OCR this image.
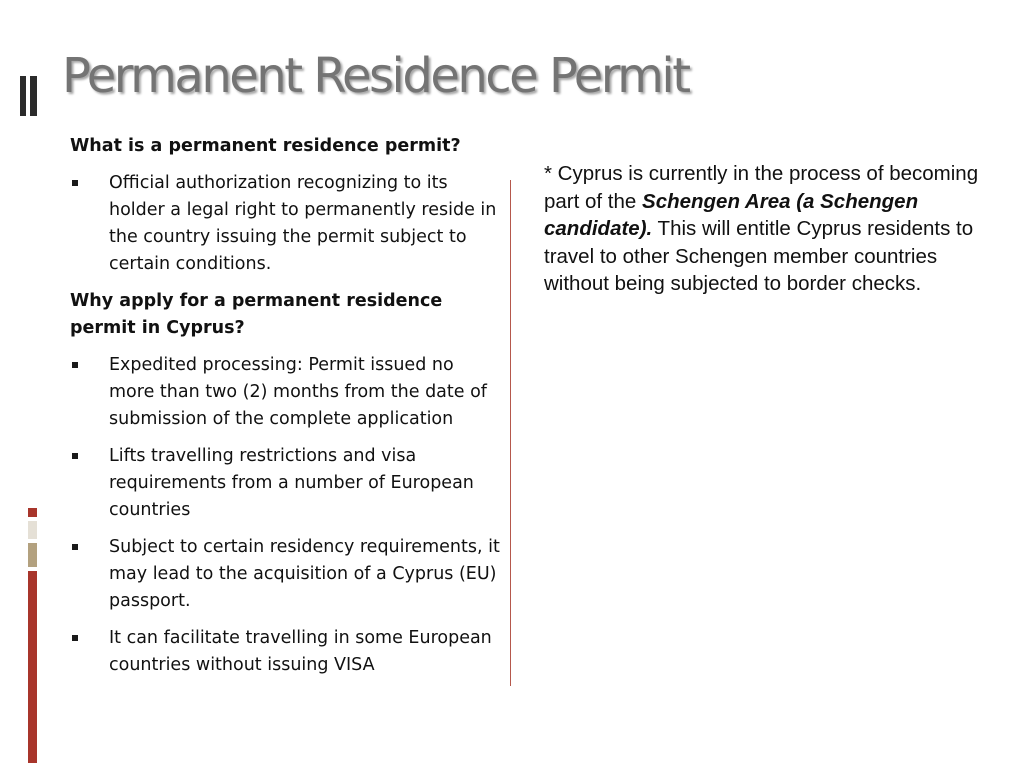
Permanent Residence Permit

What is a permanent residence permit?

Official authorization recognizing to its holder a legal right to permanently reside in the country issuing the permit subject to certain conditions.

Why apply for a permanent residence permit in Cyprus?

Expedited processing: Permit issued no more than two (2) months from the date of submission of the complete application
Lifts travelling restrictions and visa requirements from a number of European countries
Subject to certain residency requirements, it may lead to the acquisition of a Cyprus (EU) passport.
It can facilitate travelling in some European countries without issuing VISA

* Cyprus is currently in the process of becoming part of the Schengen Area (a Schengen candidate). This will entitle Cyprus residents to travel to other Schengen member countries without being subjected to border checks.
